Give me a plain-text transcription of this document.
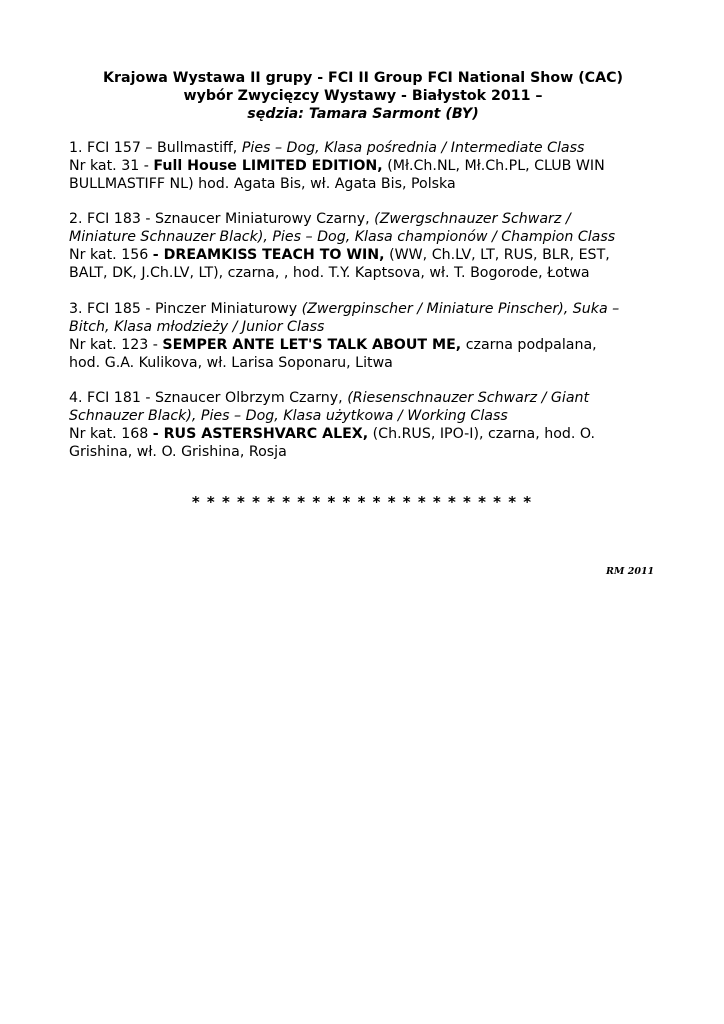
Krajowa Wystawa II grupy - FCI II Group FCI National Show (CAC)
wybór Zwycięzcy Wystawy - Białystok 2011 –
sędzia: Tamara Sarmont (BY)
1. FCI 157 – Bullmastiff, Pies – Dog, Klasa pośrednia / Intermediate Class
Nr kat. 31 - Full House LIMITED EDITION, (Mł.Ch.NL, Mł.Ch.PL, CLUB WIN
BULLMASTIFF NL) hod. Agata Bis, wł. Agata Bis, Polska
2. FCI 183 - Sznaucer Miniaturowy Czarny, (Zwergschnauzer Schwarz /
Miniature Schnauzer Black), Pies – Dog, Klasa championów / Champion Class
Nr kat. 156 - DREAMKISS TEACH TO WIN, (WW, Ch.LV, LT, RUS, BLR, EST,
BALT, DK, J.Ch.LV, LT), czarna, , hod. T.Y. Kaptsova, wł. T. Bogorode, Łotwa
3. FCI 185 - Pinczer Miniaturowy (Zwergpinscher / Miniature Pinscher), Suka –
Bitch, Klasa młodzieży / Junior Class
Nr kat. 123 - SEMPER ANTE LET'S TALK ABOUT ME, czarna podpalana,
hod. G.A. Kulikova, wł. Larisa Soponaru, Litwa
4. FCI 181 - Sznaucer Olbrzym Czarny, (Riesenschnauzer Schwarz / Giant
Schnauzer Black), Pies – Dog, Klasa użytkowa / Working Class
Nr kat. 168 - RUS ASTERSHVARC ALEX, (Ch.RUS, IPO-I), czarna, hod. O.
Grishina, wł. O. Grishina, Rosja
* * * * * * * * * * * * * * * * * * * * * * *
RM 2011
